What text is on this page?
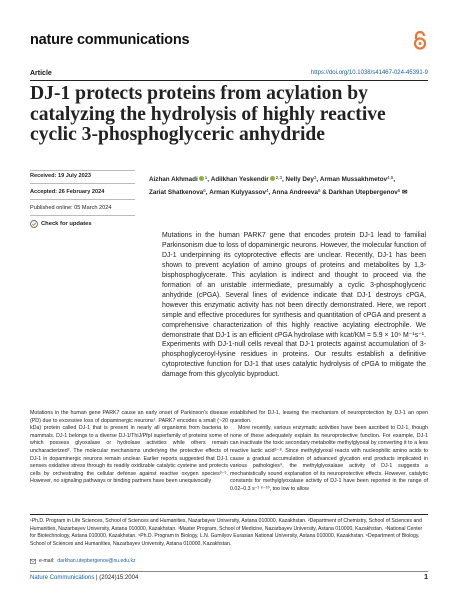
nature communications
Article	https://doi.org/10.1038/s41467-024-45391-9
DJ-1 protects proteins from acylation by catalyzing the hydrolysis of highly reactive cyclic 3-phosphoglyceric anhydride
Received: 19 July 2023
Accepted: 26 February 2024
Published online: 05 March 2024
Check for updates
Aizhan Akhmadi $^1$, Adilkhan Yeskendir $^{2,3}$, Nelly Dey$^3$, Arman Mussakhmetov$^{4,5}$, Zariat Shatkenova$^6$, Arman Kulyyassov$^4$, Anna Andreeva$^6$ & Darkhan Utepbergenov$^6$ ✉

Mutations in the human PARK7 gene that encodes protein DJ-1 lead to familial Parkinsonism due to loss of dopaminergic neurons. However, the molecular function of DJ-1 underpinning its cytoprotective effects are unclear. Recently, DJ-1 has been shown to prevent acylation of amino groups of proteins and metabolites by 1,3-bisphosphoglycerate. This acylation is indirect and thought to proceed via the formation of an unstable intermediate, presumably a cyclic 3-phosphoglyceric anhydride (cPGA). Several lines of evidence indicate that DJ-1 destroys cPGA, however this enzymatic activity has not been directly demonstrated. Here, we report simple and effective procedures for synthesis and quantitation of cPGA and present a comprehensive characterization of this highly reactive acylating electrophile. We demonstrate that DJ-1 is an efficient cPGA hydrolase with kcat/KM = 5.9 × 10⁶ M⁻¹s⁻¹. Experiments with DJ-1-null cells reveal that DJ-1 protects against accumulation of 3-phosphoglyceroyl-lysine residues in proteins. Our results establish a definitive cytoprotective function for DJ-1 that uses catalytic hydrolysis of cPGA to mitigate the damage from this glycolytic byproduct.

Mutations in the human gene PARK7 cause an early onset of Parkinson's disease (PD) due to excessive loss of dopaminergic neurons¹. PARK7 encodes a small (~20 kDa) protein called DJ-1 that is present in nearly all organisms from bacteria to mammals. DJ-1 belongs to a diverse DJ-1/ThiJ/PfpI superfamily of proteins some of which possess glyoxalase or hydrolase activities while others remain uncharacterized². The molecular mechanisms underlying the protective effects of DJ-1 in dopaminergic neurons remain unclear. Earlier reports suggested that DJ-1 senses oxidative stress through its readily oxidizable catalytic cysteine and protects cells by orchestrating the cellular defense against reactive oxygen species³⁻⁵. However, no signaling pathways or binding partners have been unequivocally

established for DJ-1, leaving the mechanism of neuroprotection by DJ-1 an open question.

More recently, various enzymatic activities have been ascribed to DJ-1, though none of these adequately explain its neuroprotective function. For example, DJ-1 can inactivate the toxic secondary metabolite methylglyoxal by converting it to a less reactive lactic acid⁶⁻⁸. Since methylglyoxal reacts with nucleophilic amino acids to cause a gradual accumulation of advanced glycation end products implicated in various pathologies⁹, the methylglyoxalase activity of DJ-1 suggests a mechanistically sound explanation of its neuroprotective effects. However, catalytic constants for methylglyoxalase activity of DJ-1 have been reported in the range of 0.02–0.3 s⁻¹ ⁶⁻¹⁰, too low to allow

¹Ph.D. Program in Life Sciences, School of Sciences and Humanities, Nazarbayev University, Astana 010000, Kazakhstan. ²Department of Chemistry, School of Sciences and Humanities, Nazarbayev University, Astana 010000, Kazakhstan. ³Master Program, School of Medicine, Nazarbayev University, Astana 010000, Kazakhstan. ⁴National Center for Biotechnology, Astana 010000, Kazakhstan. ⁵Ph.D. Program in Biology, L.N. Gumilyov Eurasian National University, Astana 010000, Kazakhstan. ⁶Department of Biology, School of Sciences and Humanities, Nazarbayev University, Astana 010000, Kazakhstan.
e-mail: darkhan.utepbergenov@nu.edu.kz
Nature Communications | (2024)15:2004	1
